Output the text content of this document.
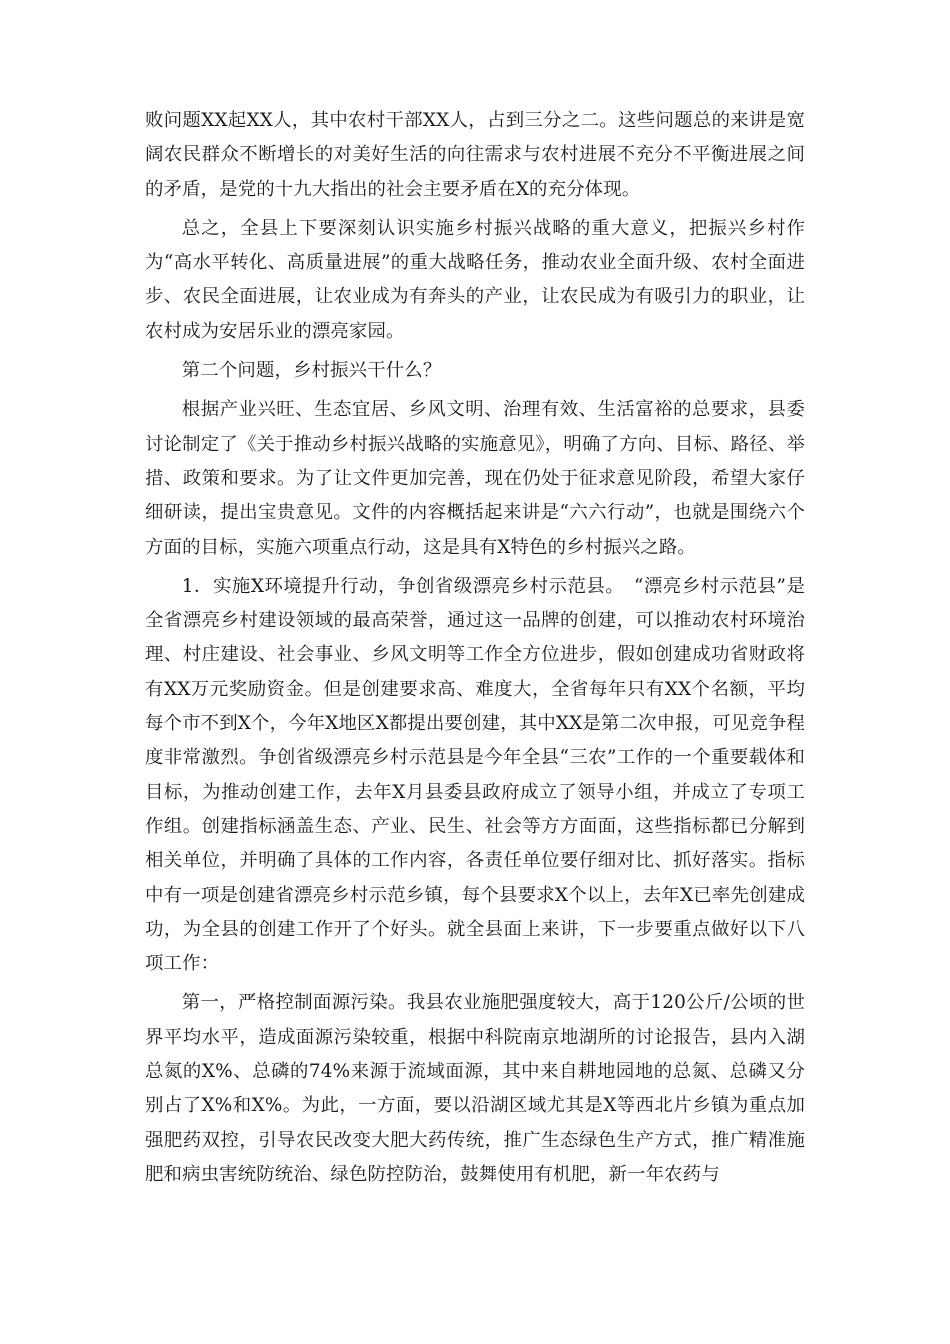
败问题XX起XX人，其中农村干部XX人，占到三分之二。这些问题总的来讲是宽阔农民群众不断增长的对美好生活的向往需求与农村进展不充分不平衡进展之间的矛盾，是党的十九大指出的社会主要矛盾在X的充分体现。

总之，全县上下要深刻认识实施乡村振兴战略的重大意义，把振兴乡村作为“高水平转化、高质量进展”的重大战略任务，推动农业全面升级、农村全面进步、农民全面进展，让农业成为有奔头的产业，让农民成为有吸引力的职业，让农村成为安居乐业的漂亮家园。

第二个问题，乡村振兴干什么？

根据产业兴旺、生态宜居、乡风文明、治理有效、生活富裕的总要求，县委讨论制定了《关于推动乡村振兴战略的实施意见》，明确了方向、目标、路径、举措、政策和要求。为了让文件更加完善，现在仍处于征求意见阶段，希望大家仔细研读，提出宝贵意见。文件的内容概括起来讲是“六六行动”，也就是围绕六个方面的目标，实施六项重点行动，这是具有X特色的乡村振兴之路。

1．实施X环境提升行动，争创省级漂亮乡村示范县。　“漂亮乡村示范县”是全省漂亮乡村建设领域的最高荣誉，通过这一品牌的创建，可以推动农村环境治理、村庄建设、社会事业、乡风文明等工作全方位进步，假如创建成功省财政将有XX万元奖励资金。但是创建要求高、难度大，全省每年只有XX个名额，平均每个市不到X个，今年X地区X都提出要创建，其中XX是第二次申报，可见竞争程度非常激烈。争创省级漂亮乡村示范县是今年全县“三农”工作的一个重要载体和目标，为推动创建工作，去年X月县委县政府成立了领导小组，并成立了专项工作组。创建指标涵盖生态、产业、民生、社会等方方面面，这些指标都已分解到相关单位，并明确了具体的工作内容，各责任单位要仔细对比、抓好落实。指标中有一项是创建省漂亮乡村示范乡镇，每个县要求X个以上，去年X已率先创建成功，为全县的创建工作开了个好头。就全县面上来讲，下一步要重点做好以下八项工作：

第一，严格控制面源污染。我县农业施肥强度较大，高于120公斤/公顷的世界平均水平，造成面源污染较重，根据中科院南京地湖所的讨论报告，县内入湖总氮的X%、总磷的74%来源于流域面源，其中来自耕地园地的总氮、总磷又分别占了X%和X%。为此，一方面，要以沿湖区域尤其是X等西北片乡镇为重点加强肥药双控，引导农民改变大肥大药传统，推广生态绿色生产方式，推广精准施肥和病虫害统防统治、绿色防控防治，鼓舞使用有机肥，新一年农药与
